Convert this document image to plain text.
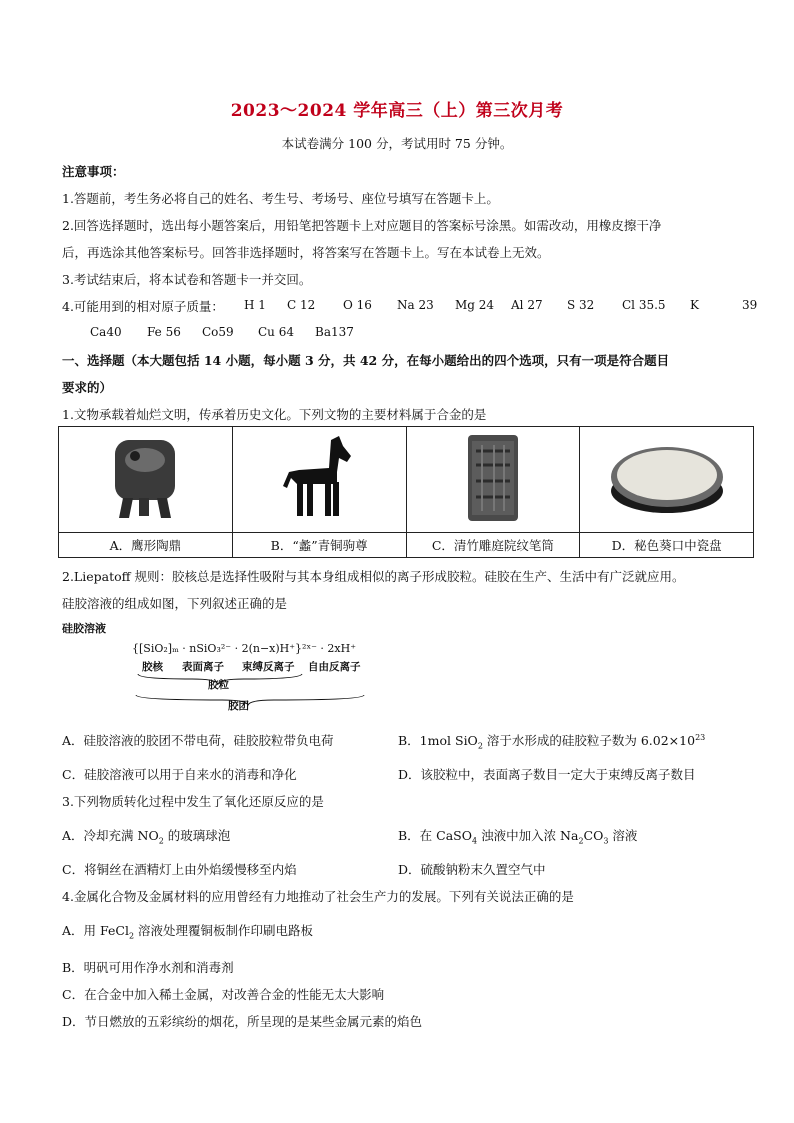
2023～2024 学年高三（上）第三次月考
本试卷满分 100 分，考试用时 75 分钟。
注意事项：
1.答题前，考生务必将自己的姓名、考生号、考场号、座位号填写在答题卡上。
2.回答选择题时，选出每小题答案后，用铅笔把答题卡上对应题目的答案标号涂黑。如需改动，用橡皮擦干净
后，再选涂其他答案标号。回答非选择题时，将答案写在答题卡上。写在本试卷上无效。
3.考试结束后，将本试卷和答题卡一并交回。
4.可能用到的相对原子质量： H 1 C 12 O 16 Na 23 Mg 24 Al 27 S 32 Cl 35.5 K	39
Ca40 Fe 56 Co59 Cu 64 Ba137
一、选择题（本大题包括 14 小题，每小题 3 分，共 42 分，在每小题给出的四个选项，只有一项是符合题目
要求的）
1.文物承载着灿烂文明，传承着历史文化。下列文物的主要材料属于合金的是

A．鹰形陶鼎	B．“蠡”青铜驹尊	C．清竹雕庭院纹笔筒	D．秘色葵口中瓷盘
2.Liepatoff 规则：胶核总是选择性吸附与其本身组成相似的离子形成胶粒。硅胶在生产、生活中有广泛就应用。
硅胶溶液的组成如图，下列叙述正确的是
硅胶溶液
{[SiO₂]ₘ · nSiO₃²⁻ · 2(n−x)H⁺}²ˣ⁻ · 2xH⁺
胶核 表面离子 束缚反离子 自由反离子
胶粒
胶团
A．硅胶溶液的胶团不带电荷，硅胶胶粒带负电荷	B．1mol SiO$_2$ 溶于水形成的硅胶粒子数为 $6.02\times 10^{23}$
C．硅胶溶液可以用于自来水的消毒和净化	D．该胶粒中，表面离子数目一定大于束缚反离子数目
3.下列物质转化过程中发生了氧化还原反应的是
A．冷却充满 $NO_2$ 的玻璃球泡	B．在 CaSO$_4$ 浊液中加入浓 $Na_2CO_3$ 溶液
C．将铜丝在酒精灯上由外焰缓慢移至内焰	D．硫酸钠粉末久置空气中
4.金属化合物及金属材料的应用曾经有力地推动了社会生产力的发展。下列有关说法正确的是
A．用 FeCl$_2$ 溶液处理覆铜板制作印刷电路板
B．明矾可用作净水剂和消毒剂
C．在合金中加入稀土金属，对改善合金的性能无太大影响
D．节日燃放的五彩缤纷的烟花，所呈现的是某些金属元素的焰色
